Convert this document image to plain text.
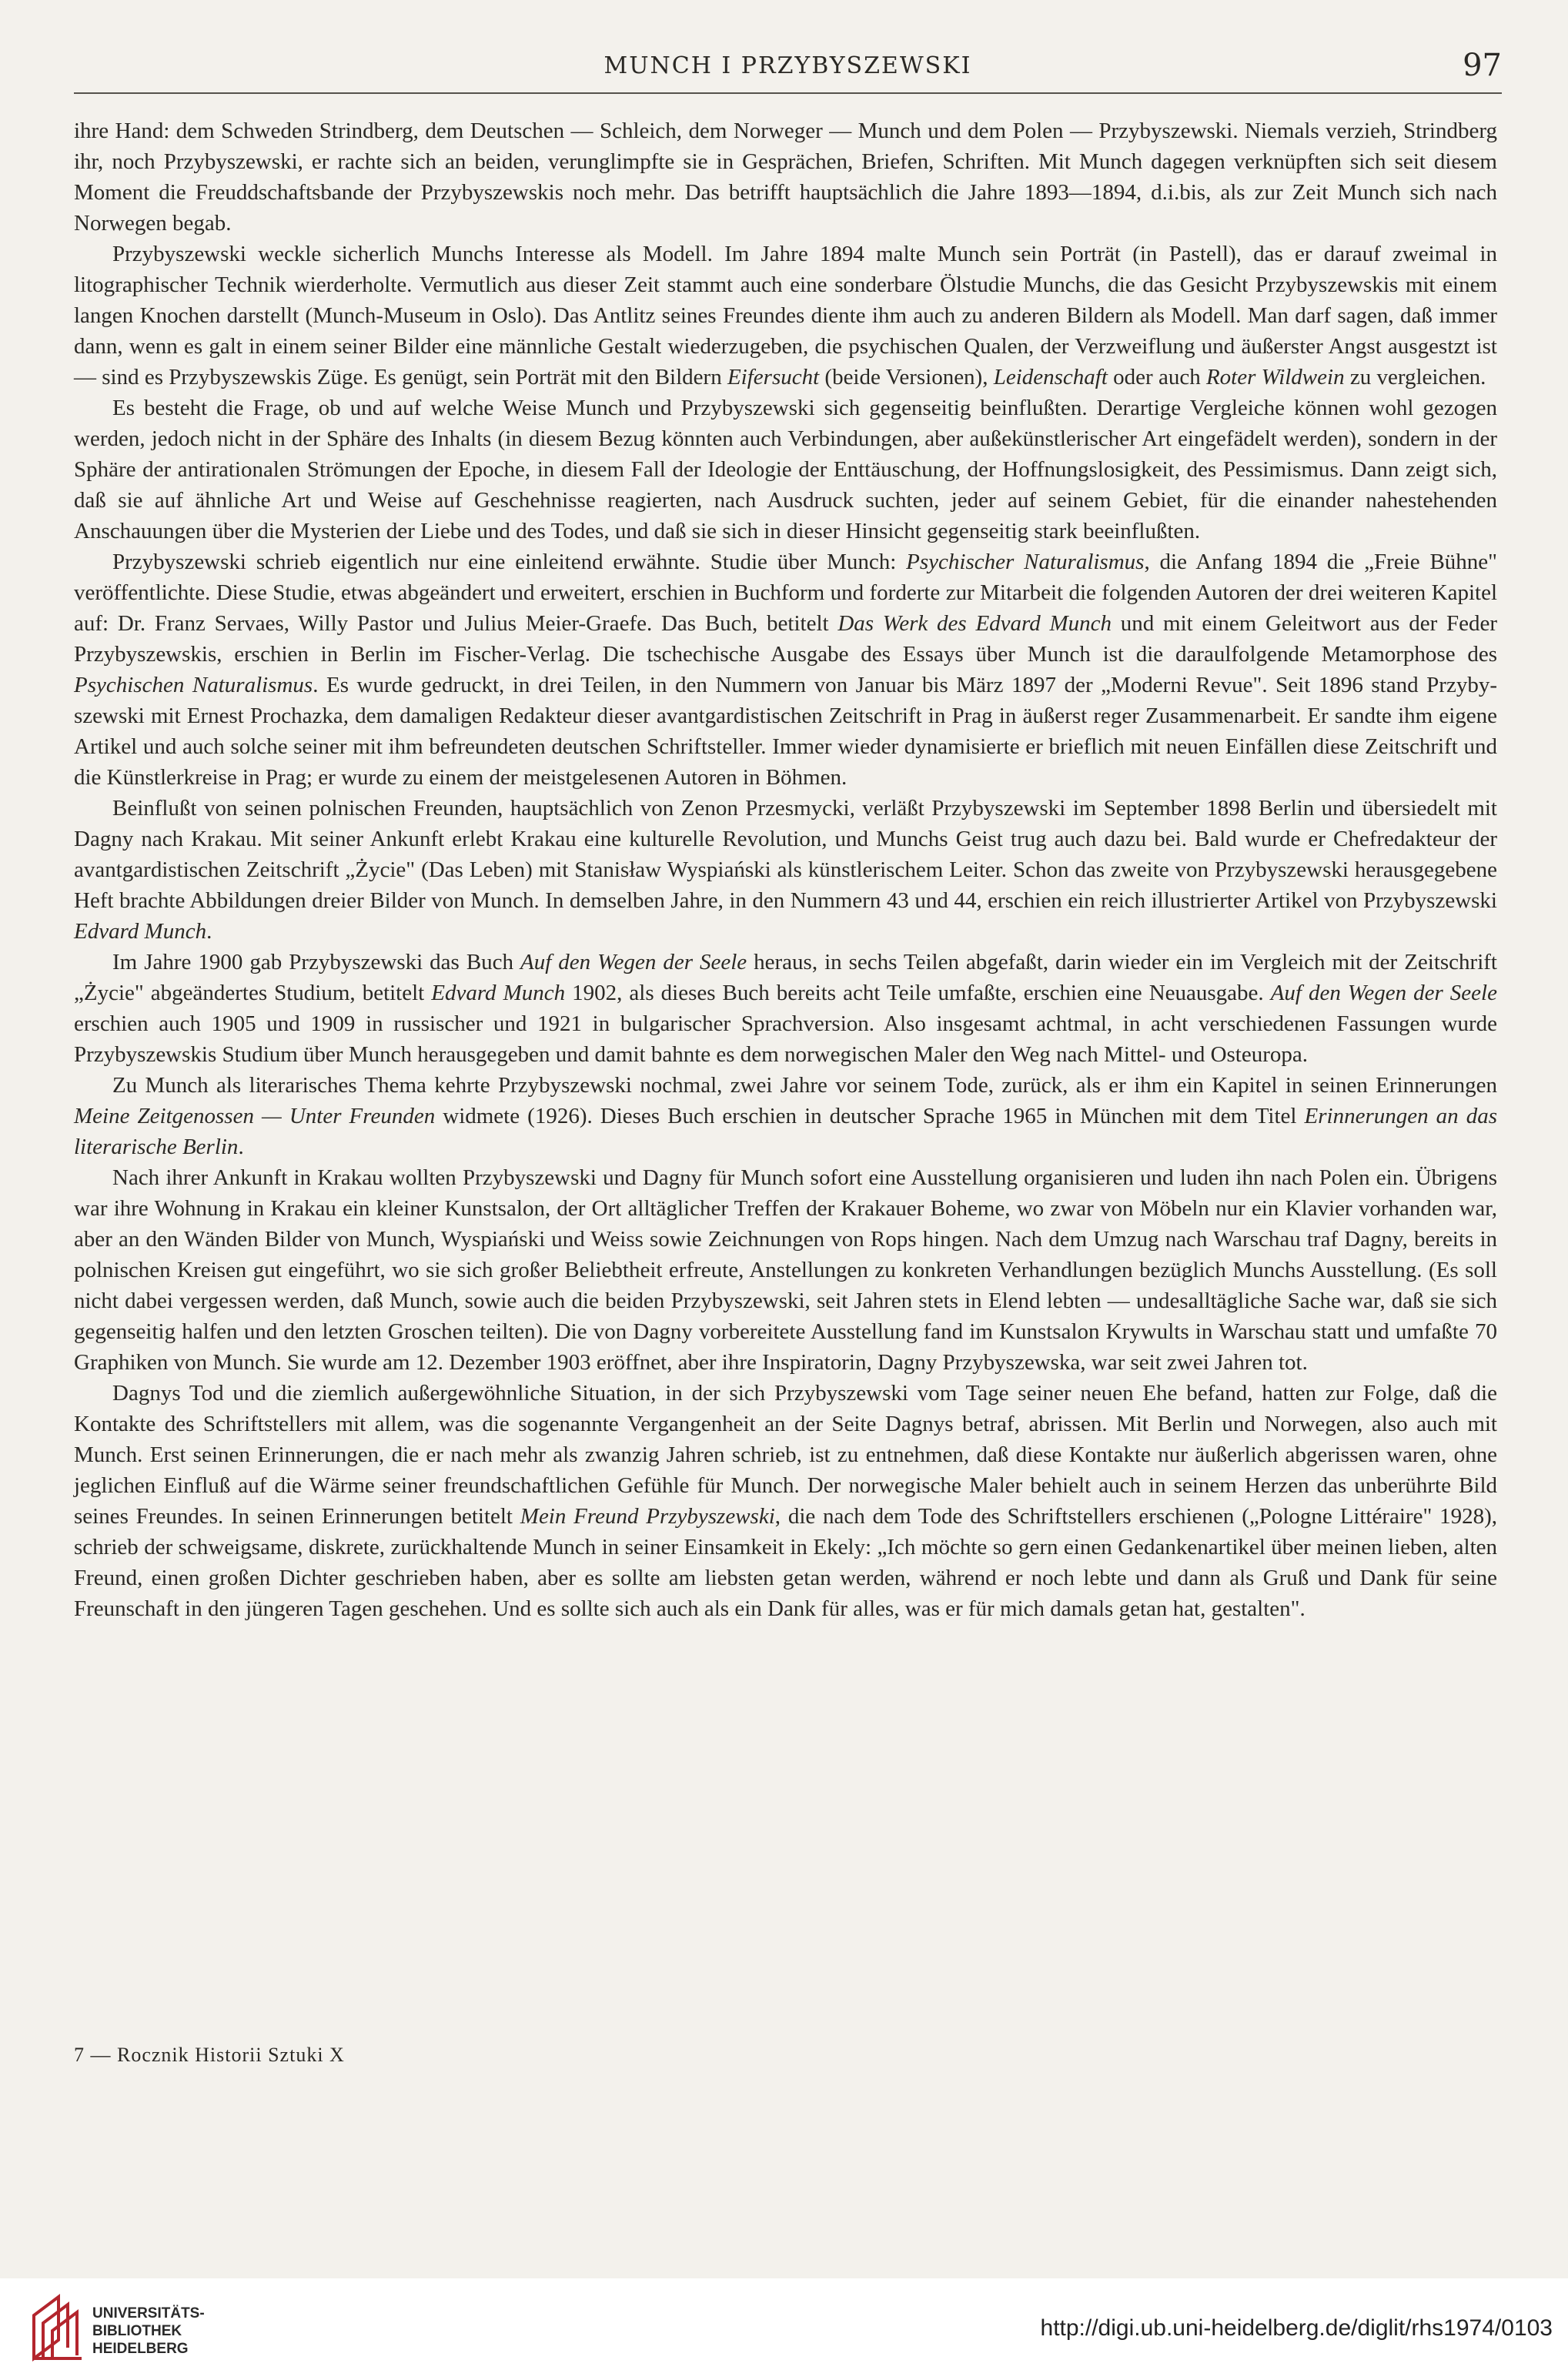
MUNCH I PRZYBYSZEWSKI	97

ihre Hand: dem Schweden Strindberg, dem Deutschen — Schleich, dem Norweger — Munch und dem Polen — Przybyszewski. Niemals verzieh, Strindberg ihr, noch Przybyszewski, er rachte sich an beiden, verunglimpfte sie in Gesprächen, Briefen, Schriften. Mit Munch dagegen verknüpften sich seit diesem Moment die Freuddschaftsbande der Przybyszewskis noch mehr. Das betrifft hauptsächlich die Jahre 1893—1894, d.i.bis, als zur Zeit Munch sich nach Norwegen begab.

Przybyszewski weckle sicherlich Munchs Interesse als Modell. Im Jahre 1894 malte Munch sein Porträt (in Pastell), das er darauf zweimal in litographischer Technik wierderholte. Vermutlich aus dieser Zeit stammt auch eine sonderbare Ölstudie Munchs, die das Gesicht Przybyszewskis mit einem langen Knochen darstellt (Munch-Museum in Oslo). Das Antlitz seines Freundes diente ihm auch zu anderen Bildern als Modell. Man darf sagen, daß immer dann, wenn es galt in einem seiner Bilder eine männliche Gestalt wiederzugeben, die psychischen Qualen, der Verzweiflung und äußerster Angst ausgestzt ist — sind es Przybyszewskis Züge. Es genügt, sein Porträt mit den Bildern Eifersucht (beide Versionen), Leidenschaft oder auch Roter Wildwein zu vergleichen.

Es besteht die Frage, ob und auf welche Weise Munch und Przybyszewski sich gegenseitig beinflußten. Derartige Vergleiche können wohl gezogen werden, jedoch nicht in der Sphäre des Inhalts (in diesem Bezug könnten auch Verbindungen, aber außekünstlerischer Art eingefädelt werden), sondern in der Sphäre der antirationalen Strömungen der Epoche, in diesem Fall der Ideologie der Enttäuschung, der Hoffnungslosigkeit, des Pessimismus. Dann zeigt sich, daß sie auf ähnliche Art und Weise auf Geschehnisse reagierten, nach Ausdruck suchten, jeder auf seinem Gebiet, für die einander nahestehenden Anschauungen über die Mysterien der Liebe und des Todes, und daß sie sich in dieser Hinsicht gegenseitig stark beeinflußten.

Przybyszewski schrieb eigentlich nur eine einleitend erwähnte. Studie über Munch: Psychischer Naturalismus, die Anfang 1894 die „Freie Bühne" veröffentlichte. Diese Studie, etwas abgeändert und erweitert, erschien in Buchform und forderte zur Mitarbeit die folgenden Autoren der drei weiteren Kapitel auf: Dr. Franz Servaes, Willy Pastor und Julius Meier-Graefe. Das Buch, betitelt Das Werk des Edvard Munch und mit einem Geleitwort aus der Feder Przybyszewskis, erschien in Berlin im Fischer-Verlag. Die tschechische Ausgabe des Essays über Munch ist die daraulfolgende Metamorphose des Psychischen Naturalismus. Es wurde gedruckt, in drei Teilen, in den Nummern von Januar bis März 1897 der „Moderni Revue". Seit 1896 stand Przybyszewski mit Ernest Prochazka, dem damaligen Redakteur dieser avantgardistischen Zeitschrift in Prag in äußerst reger Zusammenarbeit. Er sandte ihm eigene Artikel und auch solche seiner mit ihm befreundeten deutschen Schriftsteller. Immer wieder dynamisierte er brieflich mit neuen Einfällen diese Zeitschrift und die Künstlerkreise in Prag; er wurde zu einem der meistgelesenen Autoren in Böhmen.

Beinflußt von seinen polnischen Freunden, hauptsächlich von Zenon Przesmycki, verläßt Przybyszewski im September 1898 Berlin und übersiedelt mit Dagny nach Krakau. Mit seiner Ankunft erlebt Krakau eine kulturelle Revolution, und Munchs Geist trug auch dazu bei. Bald wurde er Chefredakteur der avantgardistischen Zeitschrift „Życie" (Das Leben) mit Stanisław Wyspiański als künstlerischem Leiter. Schon das zweite von Przybyszewski herausgegebene Heft brachte Abbildungen dreier Bilder von Munch. In demselben Jahre, in den Nummern 43 und 44, erschien ein reich illustrierter Artikel von Przybyszewski Edvard Munch.

Im Jahre 1900 gab Przybyszewski das Buch Auf den Wegen der Seele heraus, in sechs Teilen abgefaßt, darin wieder ein im Vergleich mit der Zeitschrift „Życie" abgeändertes Studium, betitelt Edvard Munch 1902, als dieses Buch bereits acht Teile umfaßte, erschien eine Neuausgabe. Auf den Wegen der Seele erschien auch 1905 und 1909 in russischer und 1921 in bulgarischer Sprachversion. Also insgesamt achtmal, in acht verschiedenen Fassungen wurde Przybyszewskis Studium über Munch herausgegeben und damit bahnte es dem norwegischen Maler den Weg nach Mittel- und Osteuropa.

Zu Munch als literarisches Thema kehrte Przybyszewski nochmal, zwei Jahre vor seinem Tode, zurück, als er ihm ein Kapitel in seinen Erinnerungen Meine Zeitgenossen — Unter Freunden widmete (1926). Dieses Buch erschien in deutscher Sprache 1965 in München mit dem Titel Erinnerungen an das literarische Berlin.

Nach ihrer Ankunft in Krakau wollten Przybyszewski und Dagny für Munch sofort eine Ausstellung organisieren und luden ihn nach Polen ein. Übrigens war ihre Wohnung in Krakau ein kleiner Kunstsalon, der Ort alltäglicher Treffen der Krakauer Boheme, wo zwar von Möbeln nur ein Klavier vorhanden war, aber an den Wänden Bilder von Munch, Wyspiański und Weiss sowie Zeichnungen von Rops hingen. Nach dem Umzug nach Warschau traf Dagny, bereits in polnischen Kreisen gut eingeführt, wo sie sich großer Beliebtheit erfreute, Anstellungen zu konkreten Verhandlungen bezüglich Munchs Ausstellung. (Es soll nicht dabei vergessen werden, daß Munch, sowie auch die beiden Przybyszewski, seit Jahren stets in Elend lebten — undesalltägliche Sache war, daß sie sich gegenseitig halfen und den letzten Groschen teilten). Die von Dagny vorbereitete Ausstellung fand im Kunstsalon Krywults in Warschau statt und umfaßte 70 Graphiken von Munch. Sie wurde am 12. Dezember 1903 eröffnet, aber ihre Inspiratorin, Dagny Przybyszewska, war seit zwei Jahren tot.

Dagnys Tod und die ziemlich außergewöhnliche Situation, in der sich Przybyszewski vom Tage seiner neuen Ehe befand, hatten zur Folge, daß die Kontakte des Schriftstellers mit allem, was die sogenannte Vergangenheit an der Seite Dagnys betraf, abrissen. Mit Berlin und Norwegen, also auch mit Munch. Erst seinen Erinnerungen, die er nach mehr als zwanzig Jahren schrieb, ist zu entnehmen, daß diese Kontakte nur äußerlich abgerissen waren, ohne jeglichen Einfluß auf die Wärme seiner freundschaftlichen Gefühle für Munch. Der norwegische Maler behielt auch in seinem Herzen das unberührte Bild seines Freundes. In seinen Erinnerungen betitelt Mein Freund Przybyszewski, die nach dem Tode des Schriftstellers erschienen („Pologne Littéraire" 1928), schrieb der schweigsame, diskrete, zurückhaltende Munch in seiner Einsamkeit in Ekely: „Ich möchte so gern einen Gedankenartikel über meinen lieben, alten Freund, einen großen Dichter geschrieben haben, aber es sollte am liebsten getan werden, während er noch lebte und dann als Gruß und Dank für seine Freunschaft in den jüngeren Tagen geschehen. Und es sollte sich auch als ein Dank für alles, was er für mich damals getan hat, gestalten".

7 — Rocznik Historii Sztuki X
UNIVERSITÄTS-
BIBLIOTHEK
HEIDELBERG
http://digi.ub.uni-heidelberg.de/diglit/rhs1974/0103
